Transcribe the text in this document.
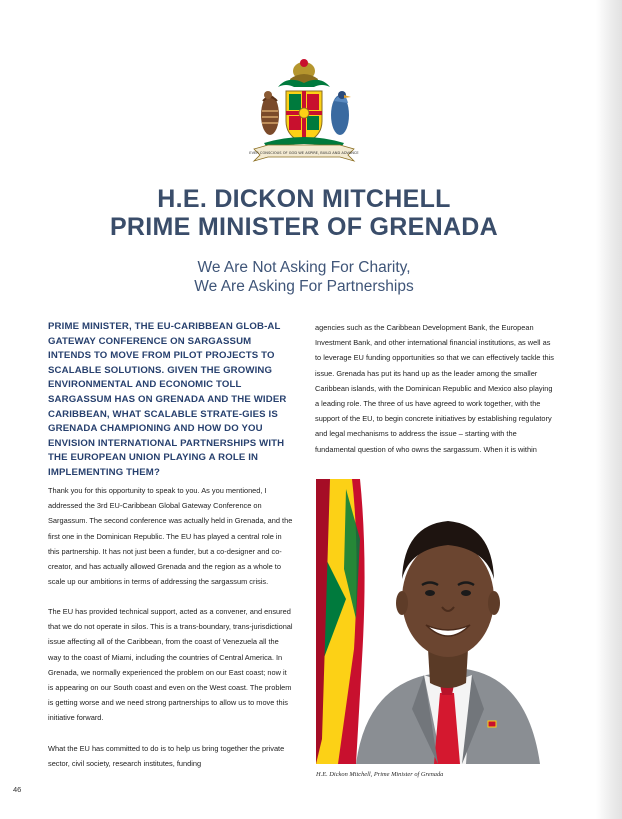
EVER CONSCIOUS OF GOD WE ASPIRE, BUILD AND ADVANCE
H.E. DICKON MITCHELL
PRIME MINISTER OF GRENADA

We Are Not Asking For Charity,

We Are Asking For Partnerships

PRIME MINISTER, THE EU-CARIBBEAN GLOB-AL GATEWAY CONFERENCE ON SARGASSUM INTENDS TO MOVE FROM PILOT PROJECTS TO SCALABLE SOLUTIONS. GIVEN THE GROWING ENVIRONMENTAL AND ECONOMIC TOLL SARGASSUM HAS ON GRENADA AND THE WIDER CARIBBEAN, WHAT SCALABLE STRATE-GIES IS GRENADA CHAMPIONING AND HOW DO YOU ENVISION INTERNATIONAL PARTNERSHIPS WITH THE EUROPEAN UNION PLAYING A ROLE IN IMPLEMENTING THEM?

Thank you for this opportunity to speak to you. As you mentioned, I addressed the 3rd EU-Caribbean Global Gateway Conference on Sargassum. The second conference was actually held in Grenada, and the first one in the Dominican Republic. The EU has played a central role in this partnership. It has not just been a funder, but a co-designer and co-creator, and has actually allowed Grenada and the region as a whole to scale up our ambitions in terms of addressing the sargassum crisis.

The EU has provided technical support, acted as a convener, and ensured that we do not operate in silos. This is a trans-boundary, trans-jurisdictional issue affecting all of the Caribbean, from the coast of Venezuela all the way to the coast of Miami, including the countries of Central America. In Grenada, we normally experienced the problem on our East coast; now it is appearing on our South coast and even on the West coast. The problem is getting worse and we need strong partnerships to allow us to move this initiative forward.

What the EU has committed to do is to help us bring together the private sector, civil society, research institutes, funding

agencies such as the Caribbean Development Bank, the European Investment Bank, and other international financial institutions, as well as to leverage EU funding opportunities so that we can effectively tackle this issue. Grenada has put its hand up as the leader among the smaller Caribbean islands, with the Dominican Republic and Mexico also playing a leading role. The three of us have agreed to work together, with the support of the EU, to begin concrete initiatives by establishing regulatory and legal mechanisms to address the issue – starting with the fundamental question of who owns the sargassum. When it is within

H.E. Dickon Mitchell, Prime Minister of Grenada

46
